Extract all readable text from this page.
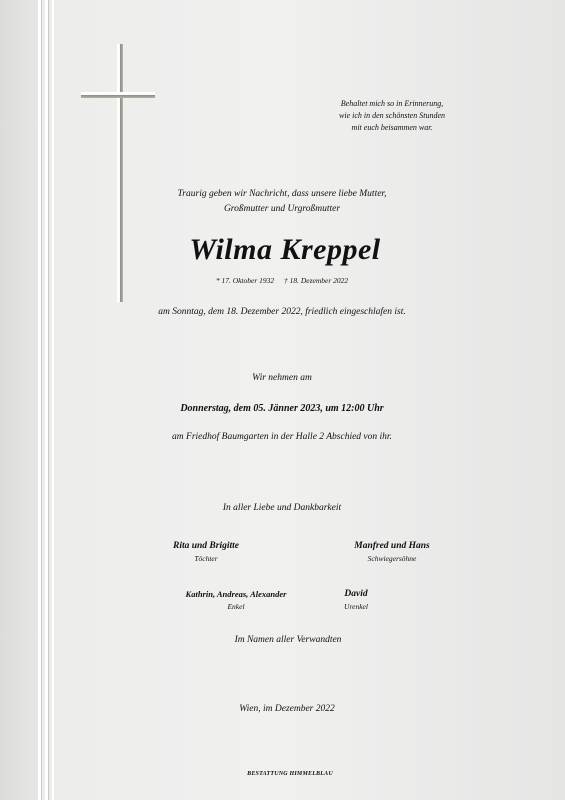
Behaltet mich so in Erinnerung,
wie ich in den schönsten Stunden
mit euch beisammen war.
Traurig geben wir Nachricht, dass unsere liebe Mutter,
Großmutter und Urgroßmutter
Wilma Kreppel
* 17. Oktober 1932 † 18. Dezember 2022
am Sonntag, dem 18. Dezember 2022, friedlich eingeschlafen ist.
Wir nehmen am
Donnerstag, dem 05. Jänner 2023, um 12:00 Uhr
am Friedhof Baumgarten in der Halle 2 Abschied von ihr.
In aller Liebe und Dankbarkeit
Rita und Brigitte
Töchter
Manfred und Hans
Schwiegersöhne
Kathrin, Andreas, Alexander
Enkel
David
Urenkel
Im Namen aller Verwandten
Wien, im Dezember 2022
BESTATTUNG HIMMELBLAU
